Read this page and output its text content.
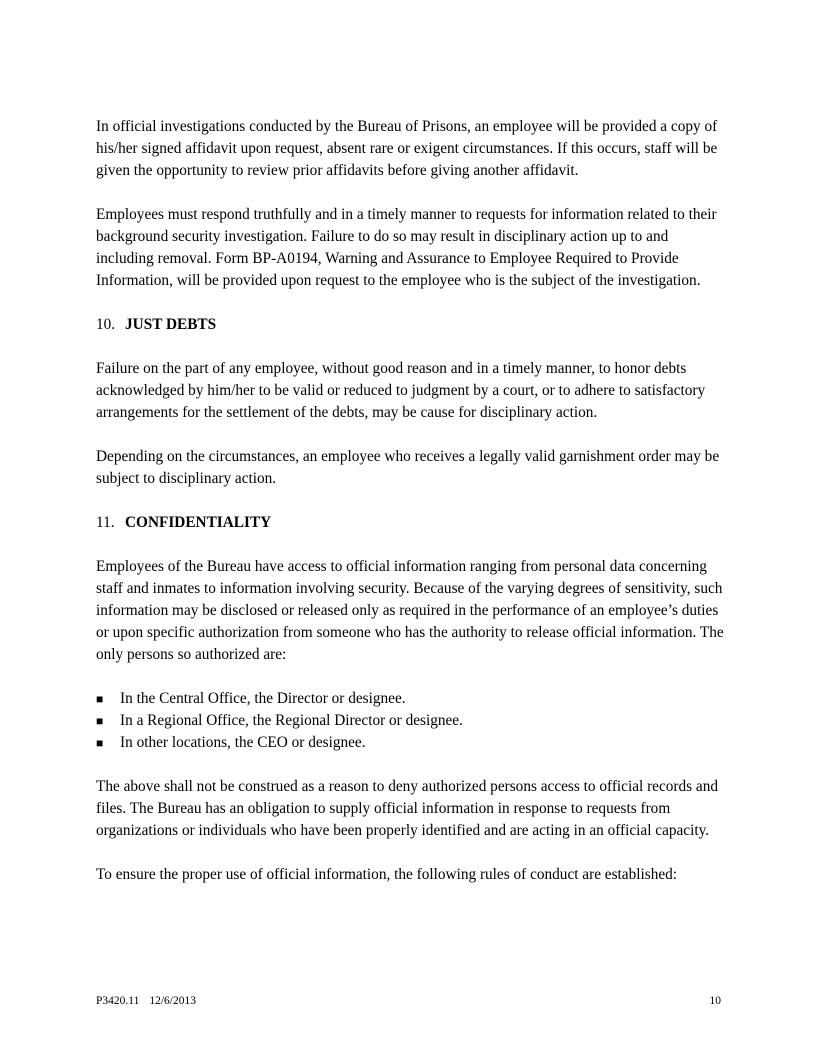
In official investigations conducted by the Bureau of Prisons, an employee will be provided a copy of his/her signed affidavit upon request, absent rare or exigent circumstances. If this occurs, staff will be given the opportunity to review prior affidavits before giving another affidavit.

Employees must respond truthfully and in a timely manner to requests for information related to their background security investigation. Failure to do so may result in disciplinary action up to and including removal. Form BP-A0194, Warning and Assurance to Employee Required to Provide Information, will be provided upon request to the employee who is the subject of the investigation.

10. JUST DEBTS

Failure on the part of any employee, without good reason and in a timely manner, to honor debts acknowledged by him/her to be valid or reduced to judgment by a court, or to adhere to satisfactory arrangements for the settlement of the debts, may be cause for disciplinary action.

Depending on the circumstances, an employee who receives a legally valid garnishment order may be subject to disciplinary action.

11. CONFIDENTIALITY

Employees of the Bureau have access to official information ranging from personal data concerning staff and inmates to information involving security. Because of the varying degrees of sensitivity, such information may be disclosed or released only as required in the performance of an employee’s duties or upon specific authorization from someone who has the authority to release official information. The only persons so authorized are:

■	In the Central Office, the Director or designee.
■	In a Regional Office, the Regional Director or designee.
■	In other locations, the CEO or designee.

The above shall not be construed as a reason to deny authorized persons access to official records and files. The Bureau has an obligation to supply official information in response to requests from organizations or individuals who have been properly identified and are acting in an official capacity.

To ensure the proper use of official information, the following rules of conduct are established:

P3420.11 12/6/2013	10
